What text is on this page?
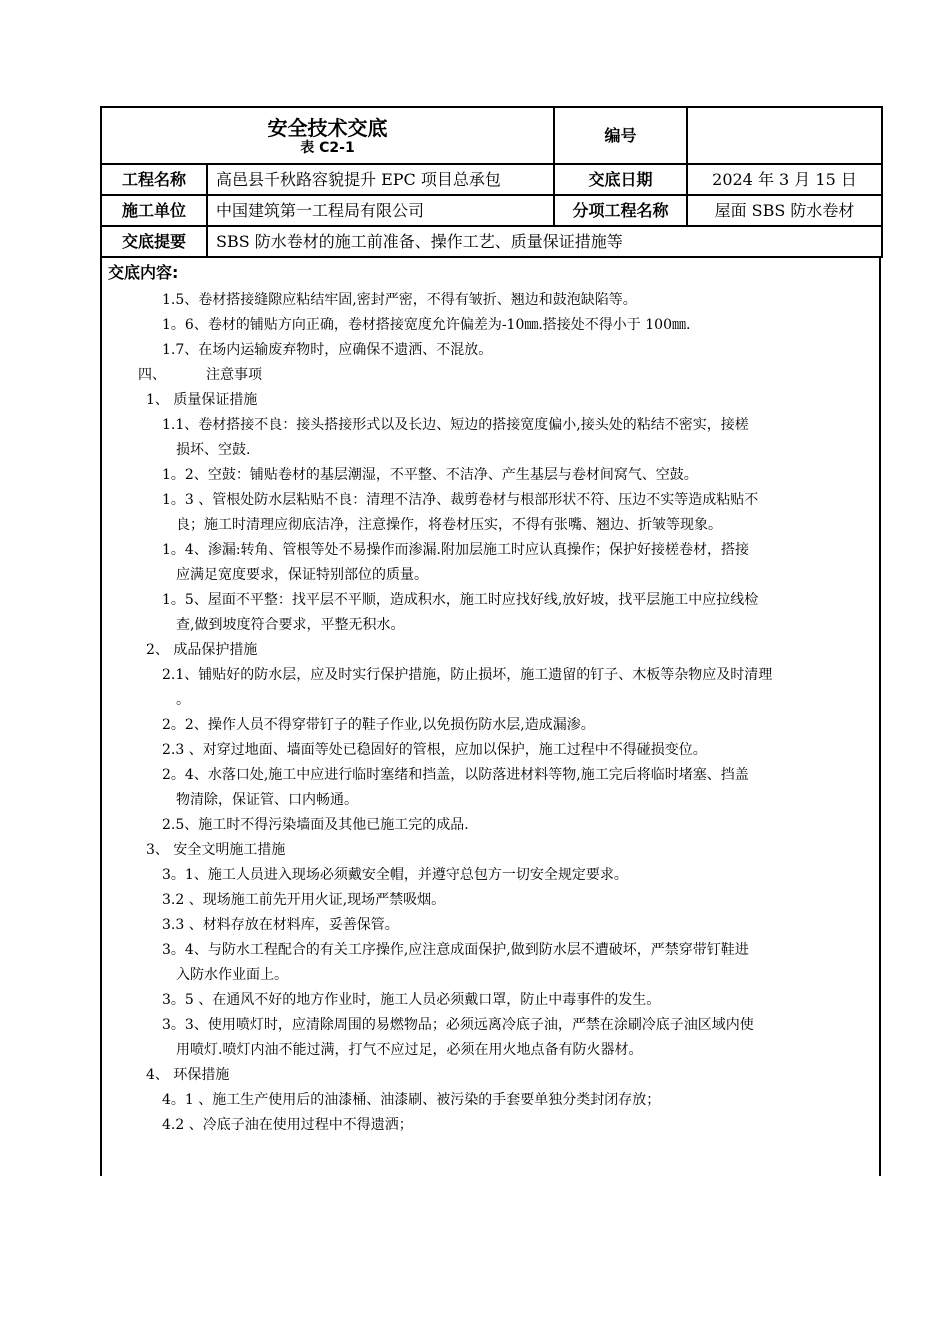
安全技术交底
表 C2-1		编号	
工程名称	高邑县千秋路容貌提升 EPC 项目总承包	交底日期	2024 年 3 月 15 日
施工单位	中国建筑第一工程局有限公司	分项工程名称	屋面 SBS 防水卷材
交底提要	SBS 防水卷材的施工前准备、操作工艺、质量保证措施等		
交底内容:
1.5、卷材搭接缝隙应粘结牢固,密封严密，不得有皱折、翘边和鼓泡缺陷等。
1。6、卷材的铺贴方向正确，卷材搭接宽度允许偏差为-10㎜.搭接处不得小于 100㎜.
1.7、在场内运输废弃物时，应确保不遗洒、不混放。
四、	注意事项
1、 质量保证措施
1.1、卷材搭接不良：接头搭接形式以及长边、短边的搭接宽度偏小,接头处的粘结不密实，接槎
损坏、空鼓.
1。2、空鼓：铺贴卷材的基层潮湿，不平整、不洁净、产生基层与卷材间窝气、空鼓。
1。3 、管根处防水层粘贴不良：清理不洁净、裁剪卷材与根部形状不符、压边不实等造成粘贴不
良；施工时清理应彻底洁净，注意操作，将卷材压实，不得有张嘴、翘边、折皱等现象。
1。4、渗漏:转角、管根等处不易操作而渗漏.附加层施工时应认真操作；保护好接槎卷材，搭接
应满足宽度要求，保证特别部位的质量。
1。5、屋面不平整：找平层不平顺，造成积水，施工时应找好线,放好坡，找平层施工中应拉线检
查,做到坡度符合要求，平整无积水。
2、 成品保护措施
2.1、铺贴好的防水层，应及时实行保护措施，防止损坏，施工遗留的钉子、木板等杂物应及时清理
。
2。2、操作人员不得穿带钉子的鞋子作业,以免损伤防水层,造成漏渗。
2.3 、对穿过地面、墙面等处已稳固好的管根，应加以保护，施工过程中不得碰损变位。
2。4、水落口处,施工中应进行临时塞绪和挡盖，以防落进材料等物,施工完后将临时堵塞、挡盖
物清除，保证管、口内畅通。
2.5、施工时不得污染墙面及其他已施工完的成品.
3、 安全文明施工措施
3。1、施工人员进入现场必须戴安全帽，并遵守总包方一切安全规定要求。
3.2 、现场施工前先开用火证,现场严禁吸烟。
3.3 、材料存放在材料库，妥善保管。
3。4、与防水工程配合的有关工序操作,应注意成面保护,做到防水层不遭破坏，严禁穿带钉鞋进
入防水作业面上。
3。5 、在通风不好的地方作业时，施工人员必须戴口罩，防止中毒事件的发生。
3。3、使用喷灯时，应清除周围的易燃物品；必须远离冷底子油，严禁在涂刷冷底子油区域内使
用喷灯.喷灯内油不能过满，打气不应过足，必须在用火地点备有防火器材。
4、 环保措施
4。1 、施工生产使用后的油漆桶、油漆刷、被污染的手套要单独分类封闭存放；
4.2 、冷底子油在使用过程中不得遗洒；
